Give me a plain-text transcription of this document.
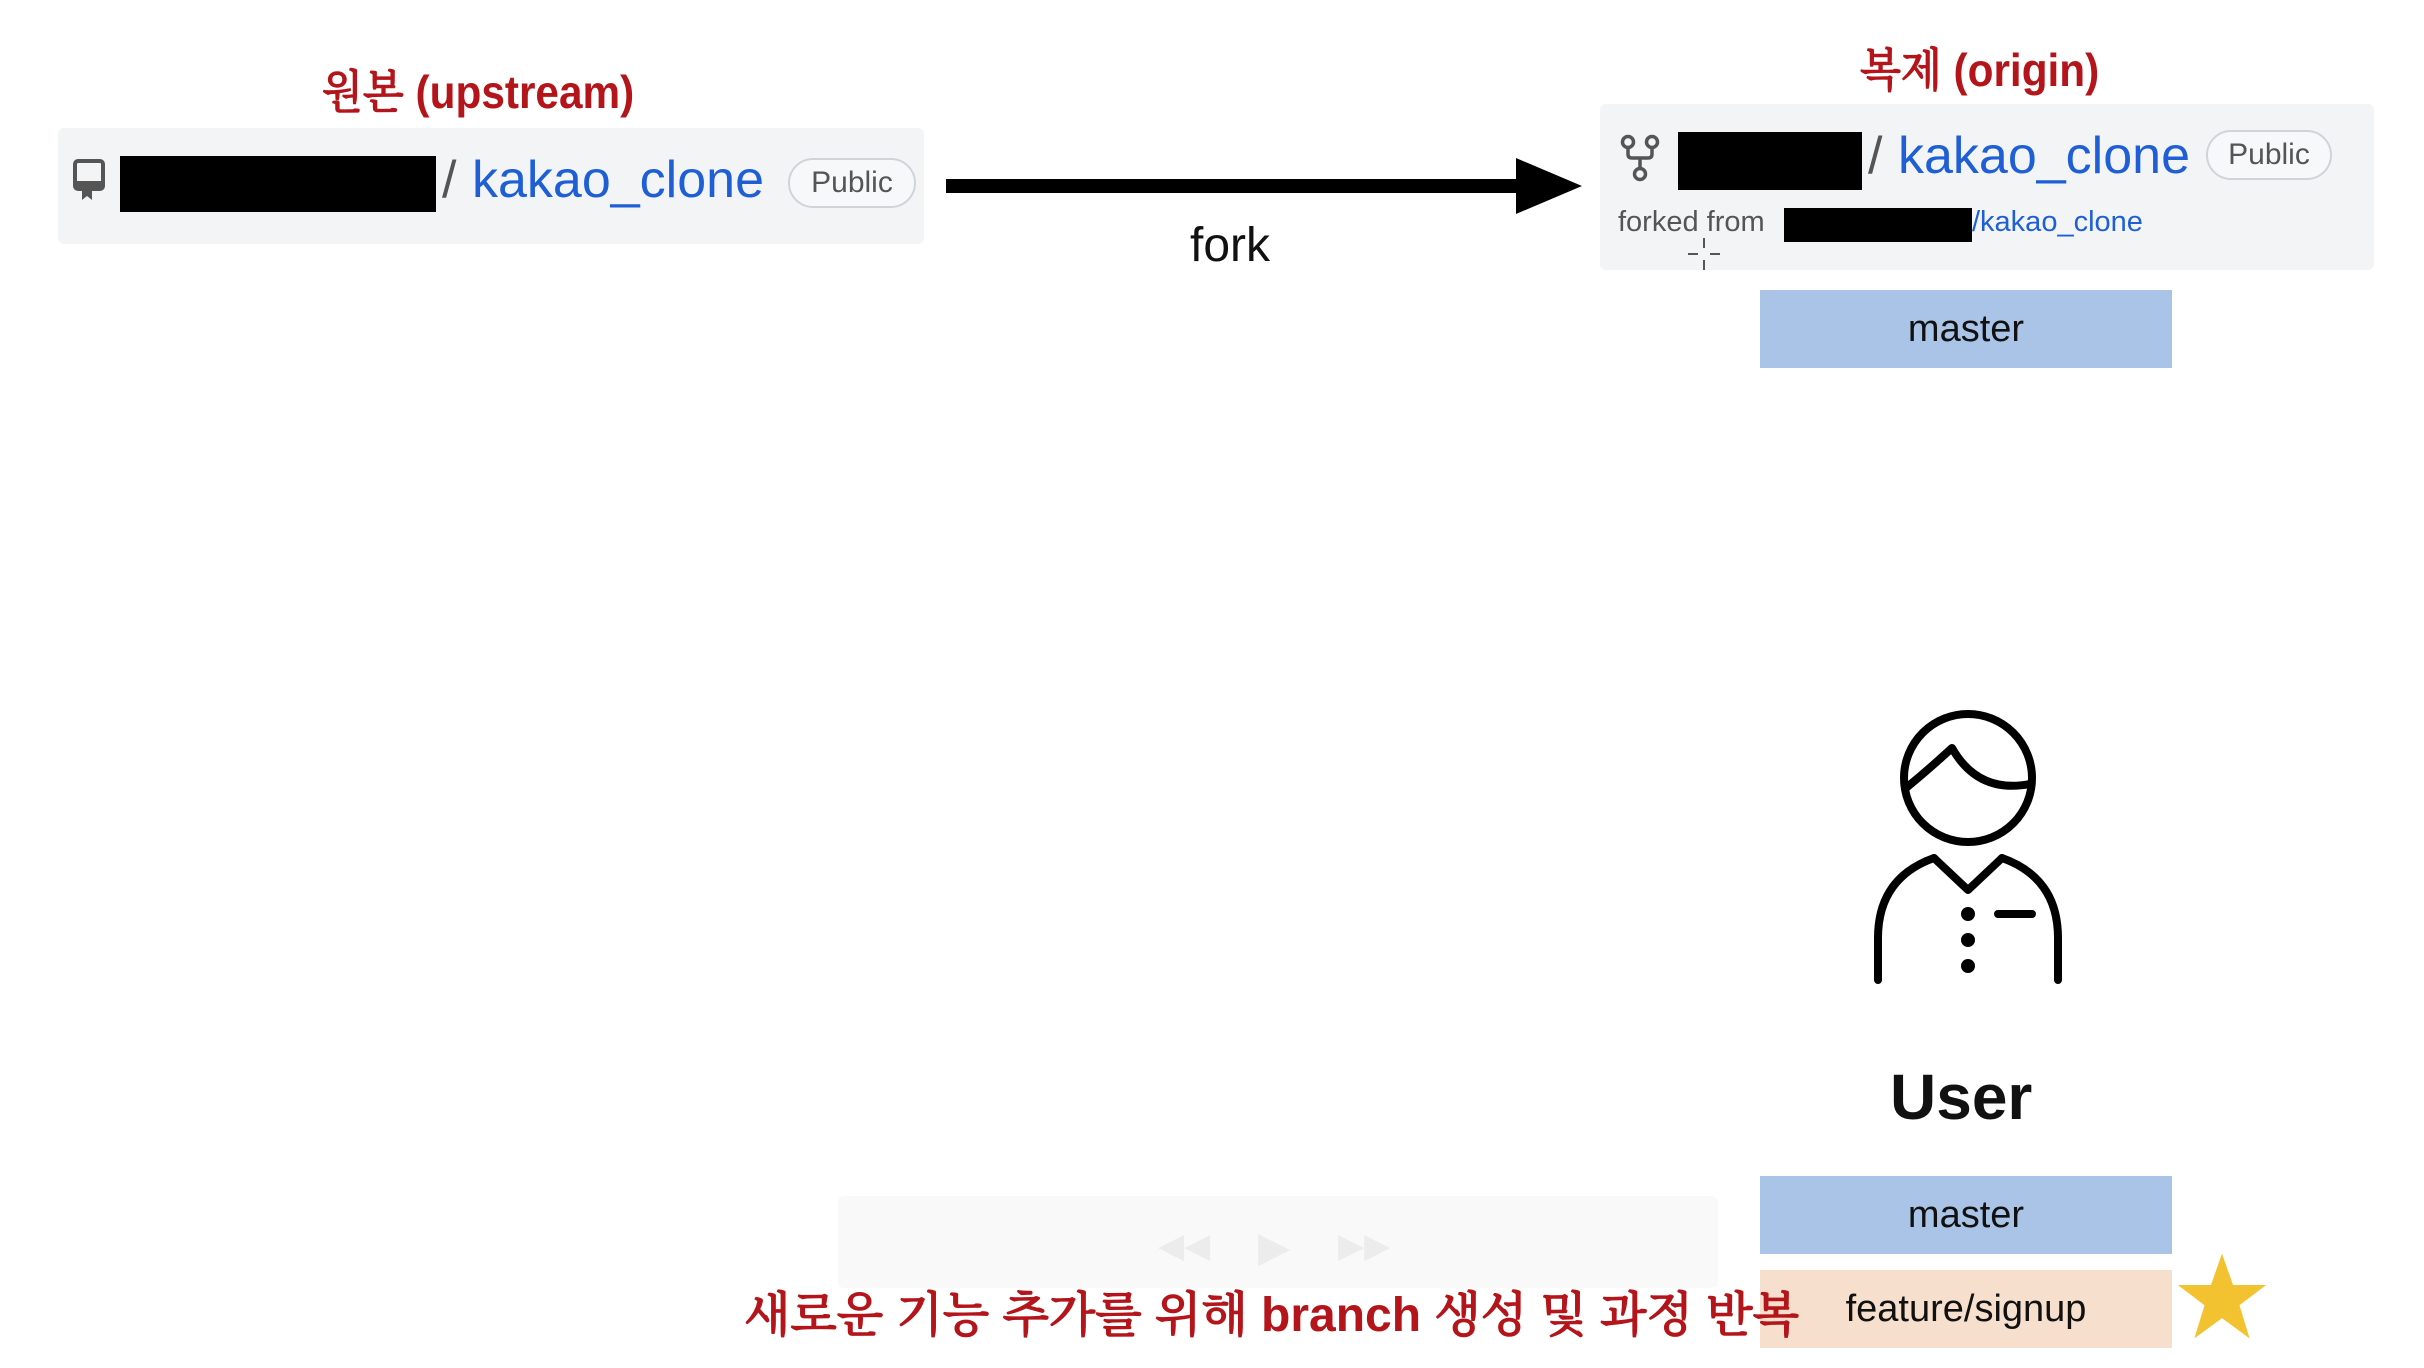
원본 (upstream)
/ kakao_clone	Public
fork
복제 (origin)
/ kakao_clone	Public
forked from	/kakao_clone
master
User
◀◀ ▶ ▶▶
master
feature/signup
새로운 기능 추가를 위해 branch 생성 및 과정 반복
